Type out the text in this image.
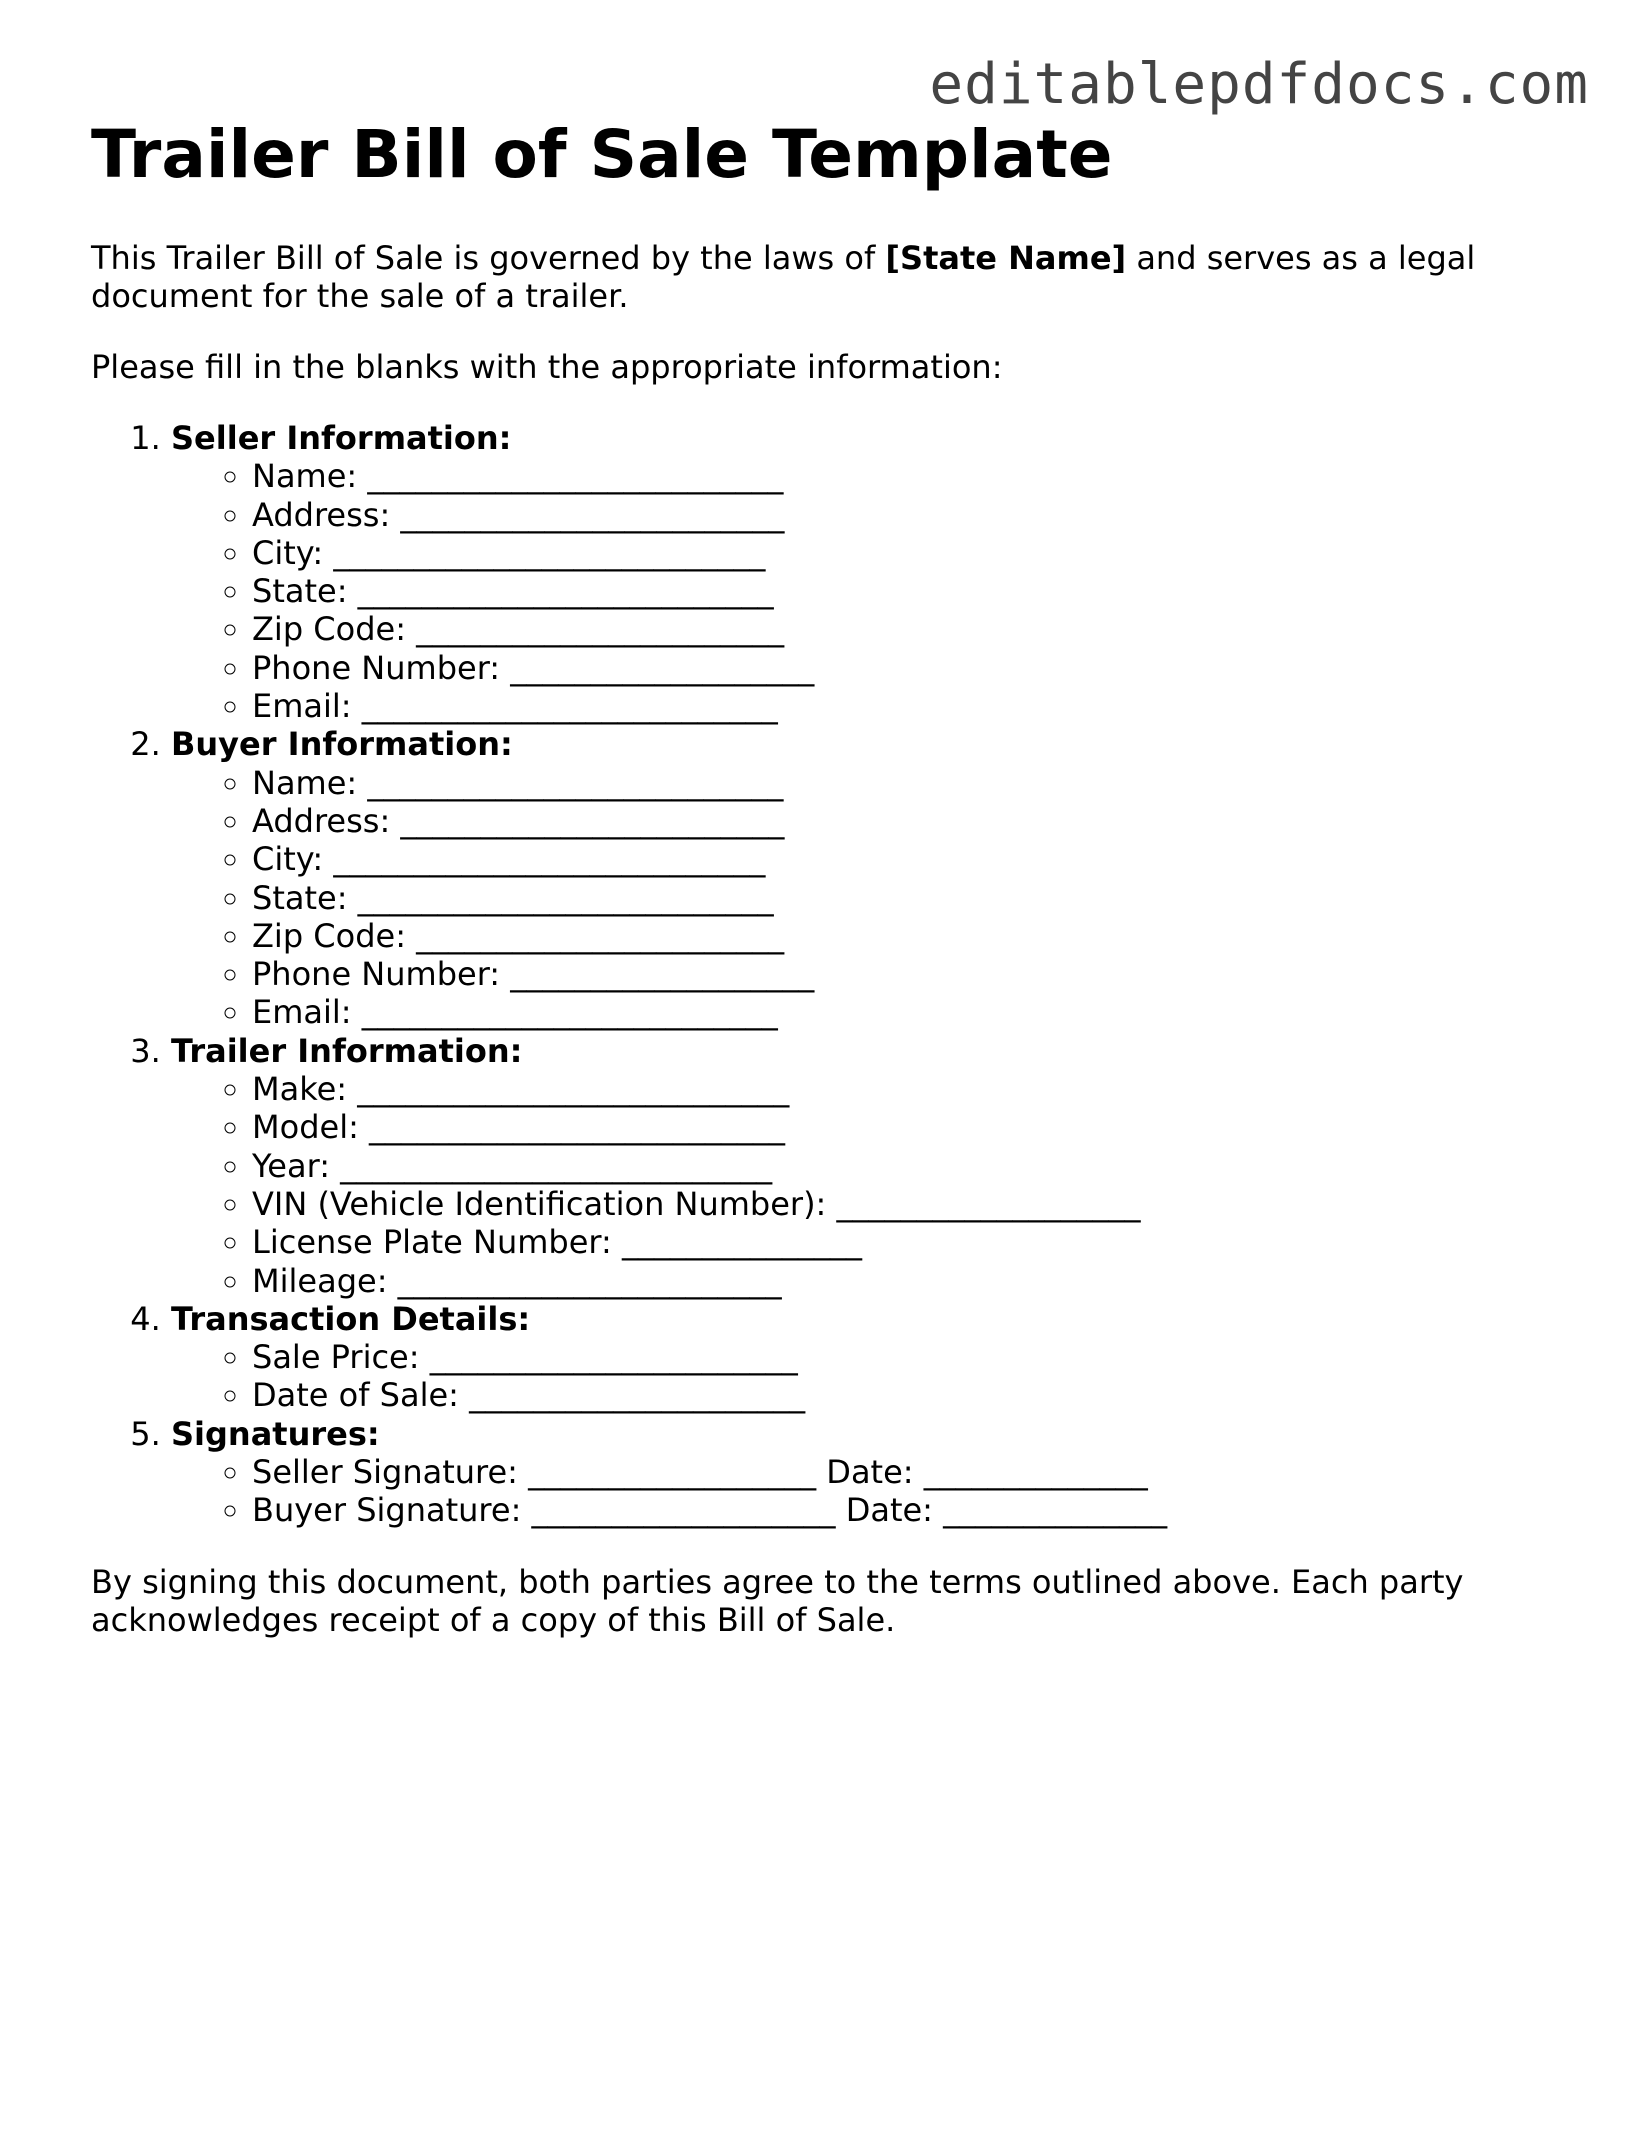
editablepdfdocs.com
Trailer Bill of Sale Template

This Trailer Bill of Sale is governed by the laws of [State Name] and serves as a legal document for the sale of a trailer.

Please fill in the blanks with the appropriate information:

1. Seller Information:
◦ Name: __________________________
◦ Address: ________________________
◦ City: ___________________________
◦ State: __________________________
◦ Zip Code: _______________________
◦ Phone Number: ___________________
◦ Email: __________________________
2. Buyer Information:
◦ Name: __________________________
◦ Address: ________________________
◦ City: ___________________________
◦ State: __________________________
◦ Zip Code: _______________________
◦ Phone Number: ___________________
◦ Email: __________________________
3. Trailer Information:
◦ Make: ___________________________
◦ Model: __________________________
◦ Year: ___________________________
◦ VIN (Vehicle Identification Number): ___________________
◦ License Plate Number: _______________
◦ Mileage: ________________________
4. Transaction Details:
◦ Sale Price: _______________________
◦ Date of Sale: _____________________
5. Signatures:
◦ Seller Signature: __________________ Date: ______________
◦ Buyer Signature: ___________________ Date: ______________

By signing this document, both parties agree to the terms outlined above. Each party acknowledges receipt of a copy of this Bill of Sale.
